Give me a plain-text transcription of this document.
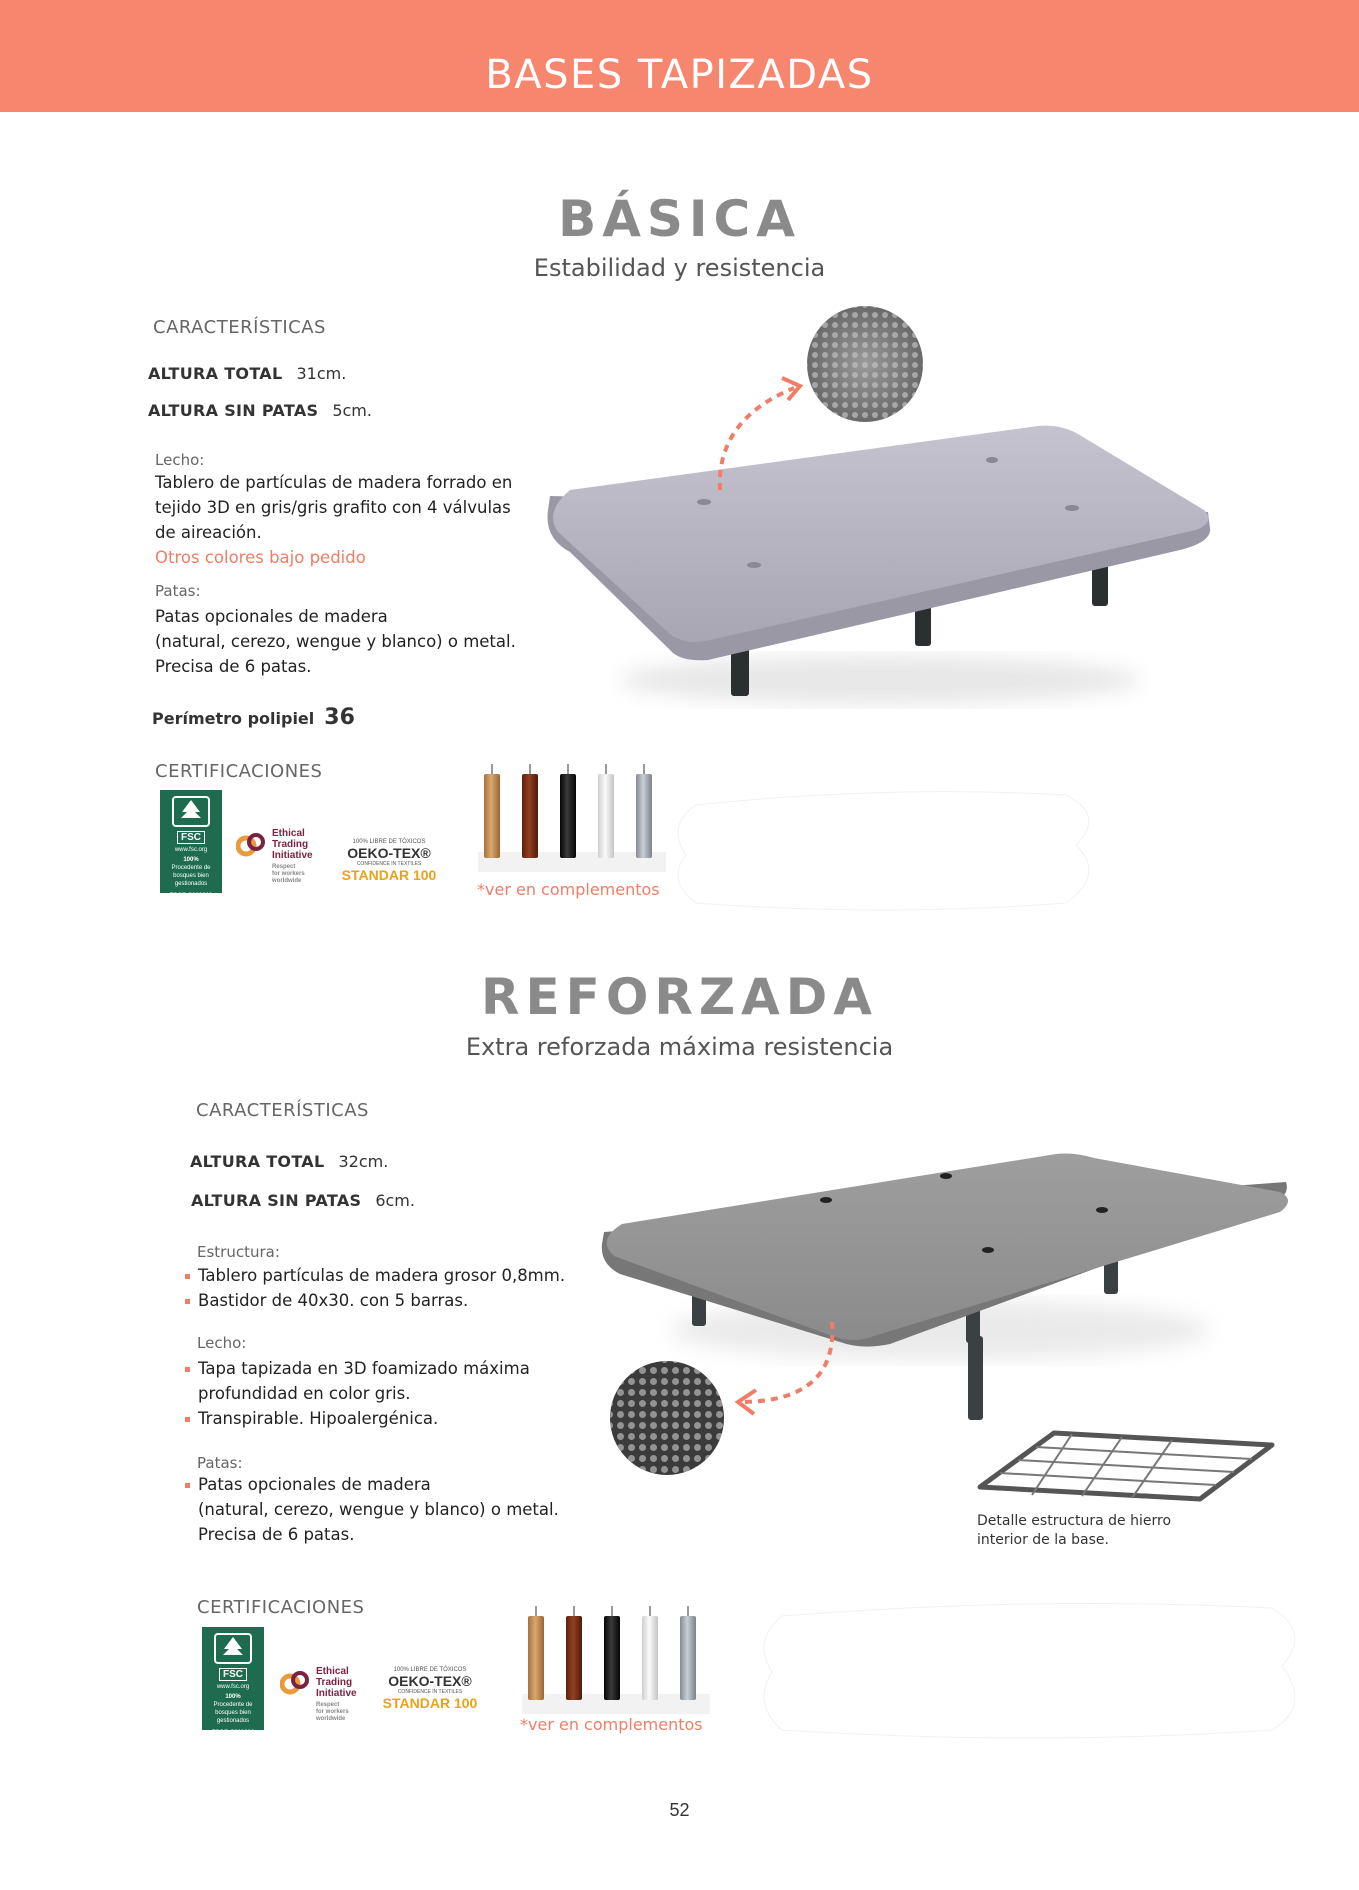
BASES TAPIZADAS
BÁSICA
Estabilidad y resistencia
CARACTERÍSTICAS
ALTURA TOTAL 31cm.
ALTURA SIN PATAS 5cm.
Lecho:
Tablero de partículas de madera forrado en
tejido 3D en gris/gris grafito con 4 válvulas
de aireación.
Otros colores bajo pedido
Patas:
Patas opcionales de madera
(natural, cerezo, wengue y blanco) o metal.
Precisa de 6 patas.
Perímetro polipiel 36
CERTIFICACIONES
FSC
www.fsc.org
100%
Procedente de
bosques bien
gestionados
FSC® C000000
Ethical
Trading
Initiative
Respect
for workers
worldwide
100% LIBRE DE TÓXICOS
OEKO-TEX®
CONFIDENCE IN TEXTILES
STANDAR 100
*ver en complementos
REFORZADA
Extra reforzada máxima resistencia
CARACTERÍSTICAS
ALTURA TOTAL 32cm.
ALTURA SIN PATAS 6cm.
Estructura:
Tablero partículas de madera grosor 0,8mm.
Bastidor de 40x30. con 5 barras.
Lecho:
Tapa tapizada en 3D foamizado máxima
profundidad en color gris.
Transpirable. Hipoalergénica.
Patas:
Patas opcionales de madera
(natural, cerezo, wengue y blanco) o metal.
Precisa de 6 patas.
Detalle estructura de hierro
interior de la base.
CERTIFICACIONES
FSC
www.fsc.org
100%
Procedente de
bosques bien
gestionados
FSC® C000000
Ethical
Trading
Initiative
Respect
for workers
worldwide
100% LIBRE DE TÓXICOS
OEKO-TEX®
CONFIDENCE IN TEXTILES
STANDAR 100
*ver en complementos
52
